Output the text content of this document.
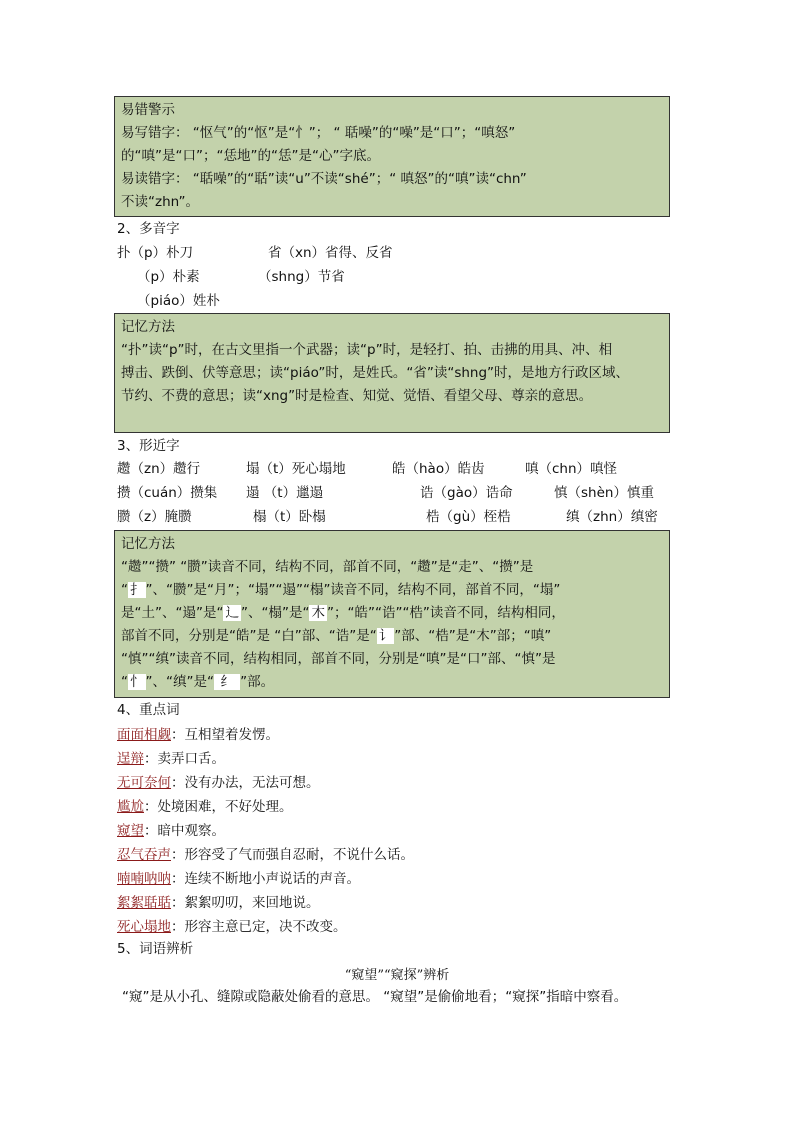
易错警示

易写错字： “怄气”的“怄”是“忄”； “ 聒噪”的“噪”是“口”；“嗔怒”

的“嗔”是“口”；“恁地”的“恁”是“心”字底。

易读错字： “聒噪”的“聒”读“u”不读“shé”；“ 嗔怒”的“嗔”读“chn”

不读“zhn”。

2、多音字
扑（p）朴刀	省（xn）省得、反省
（p）朴素	（shng）节省
（piáo）姓朴

记忆方法

“扑”读“p”时，在古文里指一个武器；读“p”时，是轻打、拍、击拂的用具、冲、相

搏击、跌倒、伏等意思；读“piáo”时，是姓氏。“省”读“shng”时，是地方行政区域、

节约、不费的意思；读“xng”时是检查、知觉、觉悟、看望父母、尊亲的意思。

3、形近字
趱（zn）趱行	塌（t）死心塌地	皓（hào）皓齿	嗔（chn）嗔怪
攒（cuán）攒集 遢 （t）邋遢	诰（gào）诰命	慎（shèn）慎重
臜（z）腌臜	榻（t）卧榻	梏（gù）桎梏	缜（zhn）缜密

记忆方法

“趱”“攒” “臜”读音不同，结构不同，部首不同，“趱”是“走”、“攒”是

“ 扌 ”、“臜”是“月”；“塌”“遢”“榻”读音不同，结构不同，部首不同，“塌”

是“土”、“遢”是“ 辶 ”、“榻”是“ 木 ”；“皓”“诰”“梏”读音不同，结构相同，

部首不同，分别是“皓”是 “白”部、“诰”是“ 讠 ”部、“梏”是“木”部；“嗔”

“慎”“缜”读音不同，结构相同，部首不同，分别是“嗔”是“口”部、“慎”是

“ 忄 ”、“缜”是“ 纟 ”部。

4、重点词
面面相觑：互相望着发愣。
逞辩：卖弄口舌。
无可奈何：没有办法，无法可想。
尴尬：处境困难，不好处理。
窥望：暗中观察。
忍气吞声：形容受了气而强自忍耐，不说什么话。
喃喃呐呐：连续不断地小声说话的声音。
絮絮聒聒：絮絮叨叨，来回地说。
死心塌地：形容主意已定，决不改变。
5、词语辨析
“窥望”“窥探”辨析
“窥”是从小孔、缝隙或隐蔽处偷看的意思。 “窥望”是偷偷地看；“窥探”指暗中察看。
